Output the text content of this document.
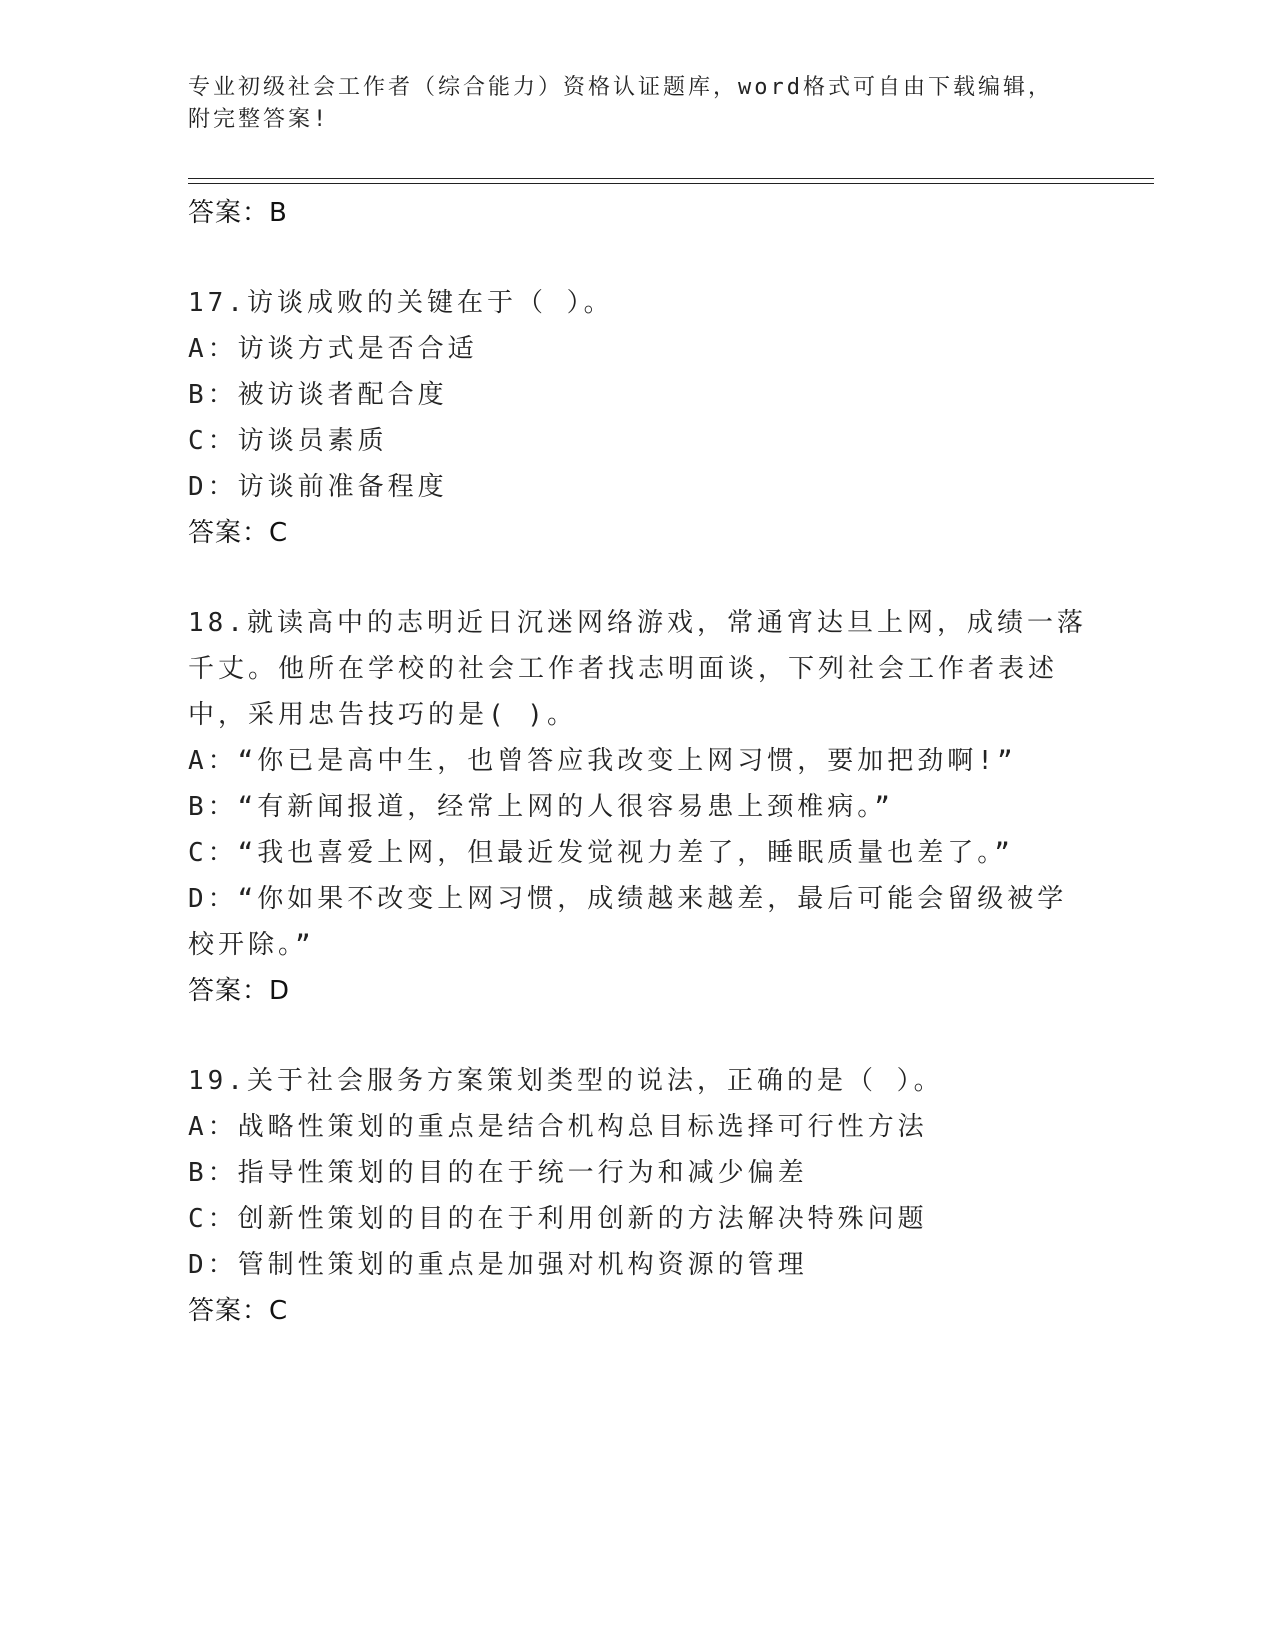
专业初级社会工作者（综合能力）资格认证题库，word格式可自由下载编辑，附完整答案!
答案：B
17.访谈成败的关键在于（ ）。
A：访谈方式是否合适
B：被访谈者配合度
C：访谈员素质
D：访谈前准备程度
答案：C
18.就读高中的志明近日沉迷网络游戏，常通宵达旦上网，成绩一落千丈。他所在学校的社会工作者找志明面谈，下列社会工作者表述中，采用忠告技巧的是( )。
A：“你已是高中生，也曾答应我改变上网习惯，要加把劲啊!”
B：“有新闻报道，经常上网的人很容易患上颈椎病。”
C：“我也喜爱上网，但最近发觉视力差了，睡眠质量也差了。”
D：“你如果不改变上网习惯，成绩越来越差，最后可能会留级被学校开除。”
答案：D
19.关于社会服务方案策划类型的说法，正确的是（ ）。
A：战略性策划的重点是结合机构总目标选择可行性方法
B：指导性策划的目的在于统一行为和减少偏差
C：创新性策划的目的在于利用创新的方法解决特殊问题
D：管制性策划的重点是加强对机构资源的管理
答案：C
